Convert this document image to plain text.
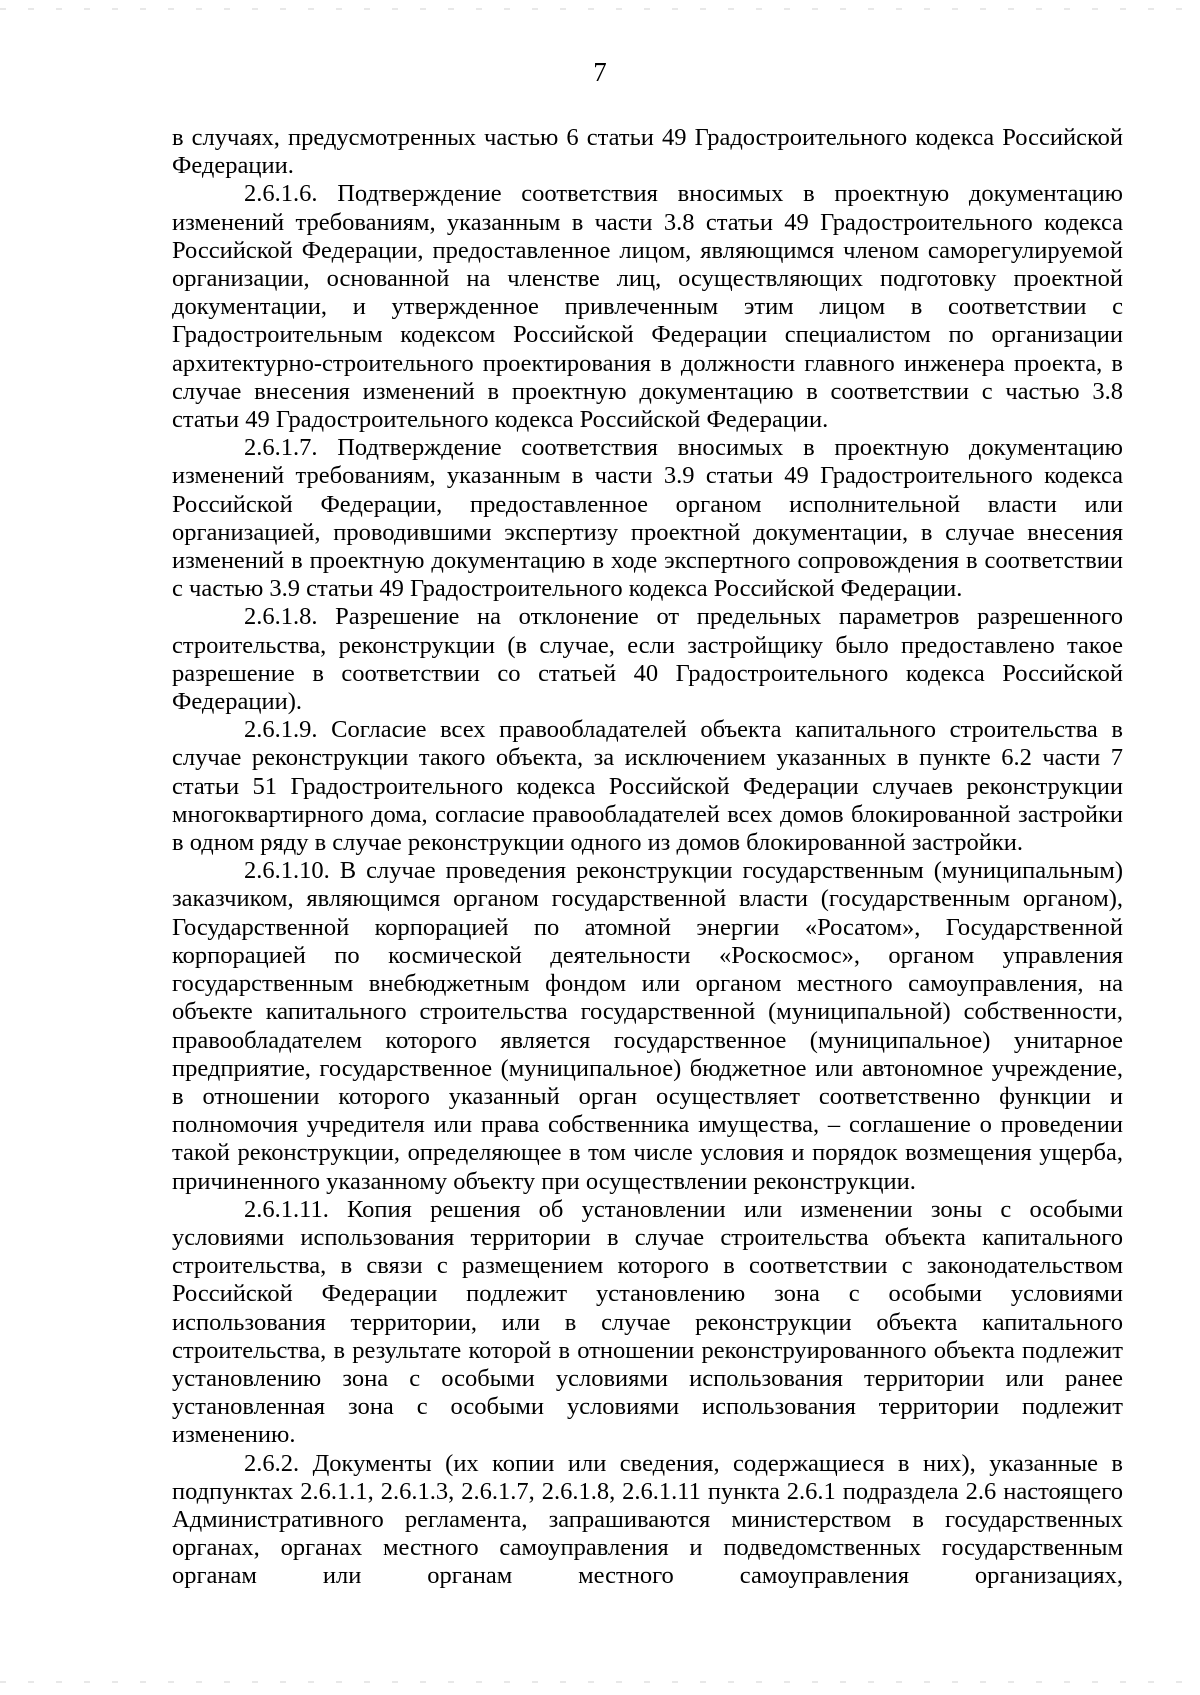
7

в случаях, предусмотренных частью 6 статьи 49 Градостроительного кодекса Российской Федерации.

2.6.1.6. Подтверждение соответствия вносимых в проектную документацию изменений требованиям, указанным в части 3.8 статьи 49 Градостроительного кодекса Российской Федерации, предоставленное лицом, являющимся членом саморегулируемой организации, основанной на членстве лиц, осуществляющих подготовку проектной документации, и утвержденное привлеченным этим лицом в соответствии с Градостроительным кодексом Российской Федерации специалистом по организации архитектурно-строительного проектирования в должности главного инженера проекта, в случае внесения изменений в проектную документацию в соответствии с частью 3.8 статьи 49 Градостроительного кодекса Российской Федерации.

2.6.1.7. Подтверждение соответствия вносимых в проектную документацию изменений требованиям, указанным в части 3.9 статьи 49 Градостроительного кодекса Российской Федерации, предоставленное органом исполнительной власти или организацией, проводившими экспертизу проектной документации, в случае внесения изменений в проектную документацию в ходе экспертного сопровождения в соответствии с частью 3.9 статьи 49 Градостроительного кодекса Российской Федерации.

2.6.1.8. Разрешение на отклонение от предельных параметров разрешенного строительства, реконструкции (в случае, если застройщику было предоставлено такое разрешение в соответствии со статьей 40 Градостроительного кодекса Российской Федерации).

2.6.1.9. Согласие всех правообладателей объекта капитального строительства в случае реконструкции такого объекта, за исключением указанных в пункте 6.2 части 7 статьи 51 Градостроительного кодекса Российской Федерации случаев реконструкции многоквартирного дома, согласие правообладателей всех домов блокированной застройки в одном ряду в случае реконструкции одного из домов блокированной застройки.

2.6.1.10. В случае проведения реконструкции государственным (муниципальным) заказчиком, являющимся органом государственной власти (государственным органом), Государственной корпорацией по атомной энергии «Росатом», Государственной корпорацией по космической деятельности «Роскосмос», органом управления государственным внебюджетным фондом или органом местного самоуправления, на объекте капитального строительства государственной (муниципальной) собственности, правообладателем которого является государственное (муниципальное) унитарное предприятие, государственное (муниципальное) бюджетное или автономное учреждение, в отношении которого указанный орган осуществляет соответственно функции и полномочия учредителя или права собственника имущества, – соглашение о проведении такой реконструкции, определяющее в том числе условия и порядок возмещения ущерба, причиненного указанному объекту при осуществлении реконструкции.

2.6.1.11. Копия решения об установлении или изменении зоны с особыми условиями использования территории в случае строительства объекта капитального строительства, в связи с размещением которого в соответствии с законодательством Российской Федерации подлежит установлению зона с особыми условиями использования территории, или в случае реконструкции объекта капитального строительства, в результате которой в отношении реконструированного объекта подлежит установлению зона с особыми условиями использования территории или ранее установленная зона с особыми условиями использования территории подлежит изменению.

2.6.2. Документы (их копии или сведения, содержащиеся в них), указанные в подпунктах 2.6.1.1, 2.6.1.3, 2.6.1.7, 2.6.1.8, 2.6.1.11 пункта 2.6.1 подраздела 2.6 настоящего Административного регламента, запрашиваются министерством в государственных органах, органах местного самоуправления и подведомственных государственным органам или органам местного самоуправления организациях,
